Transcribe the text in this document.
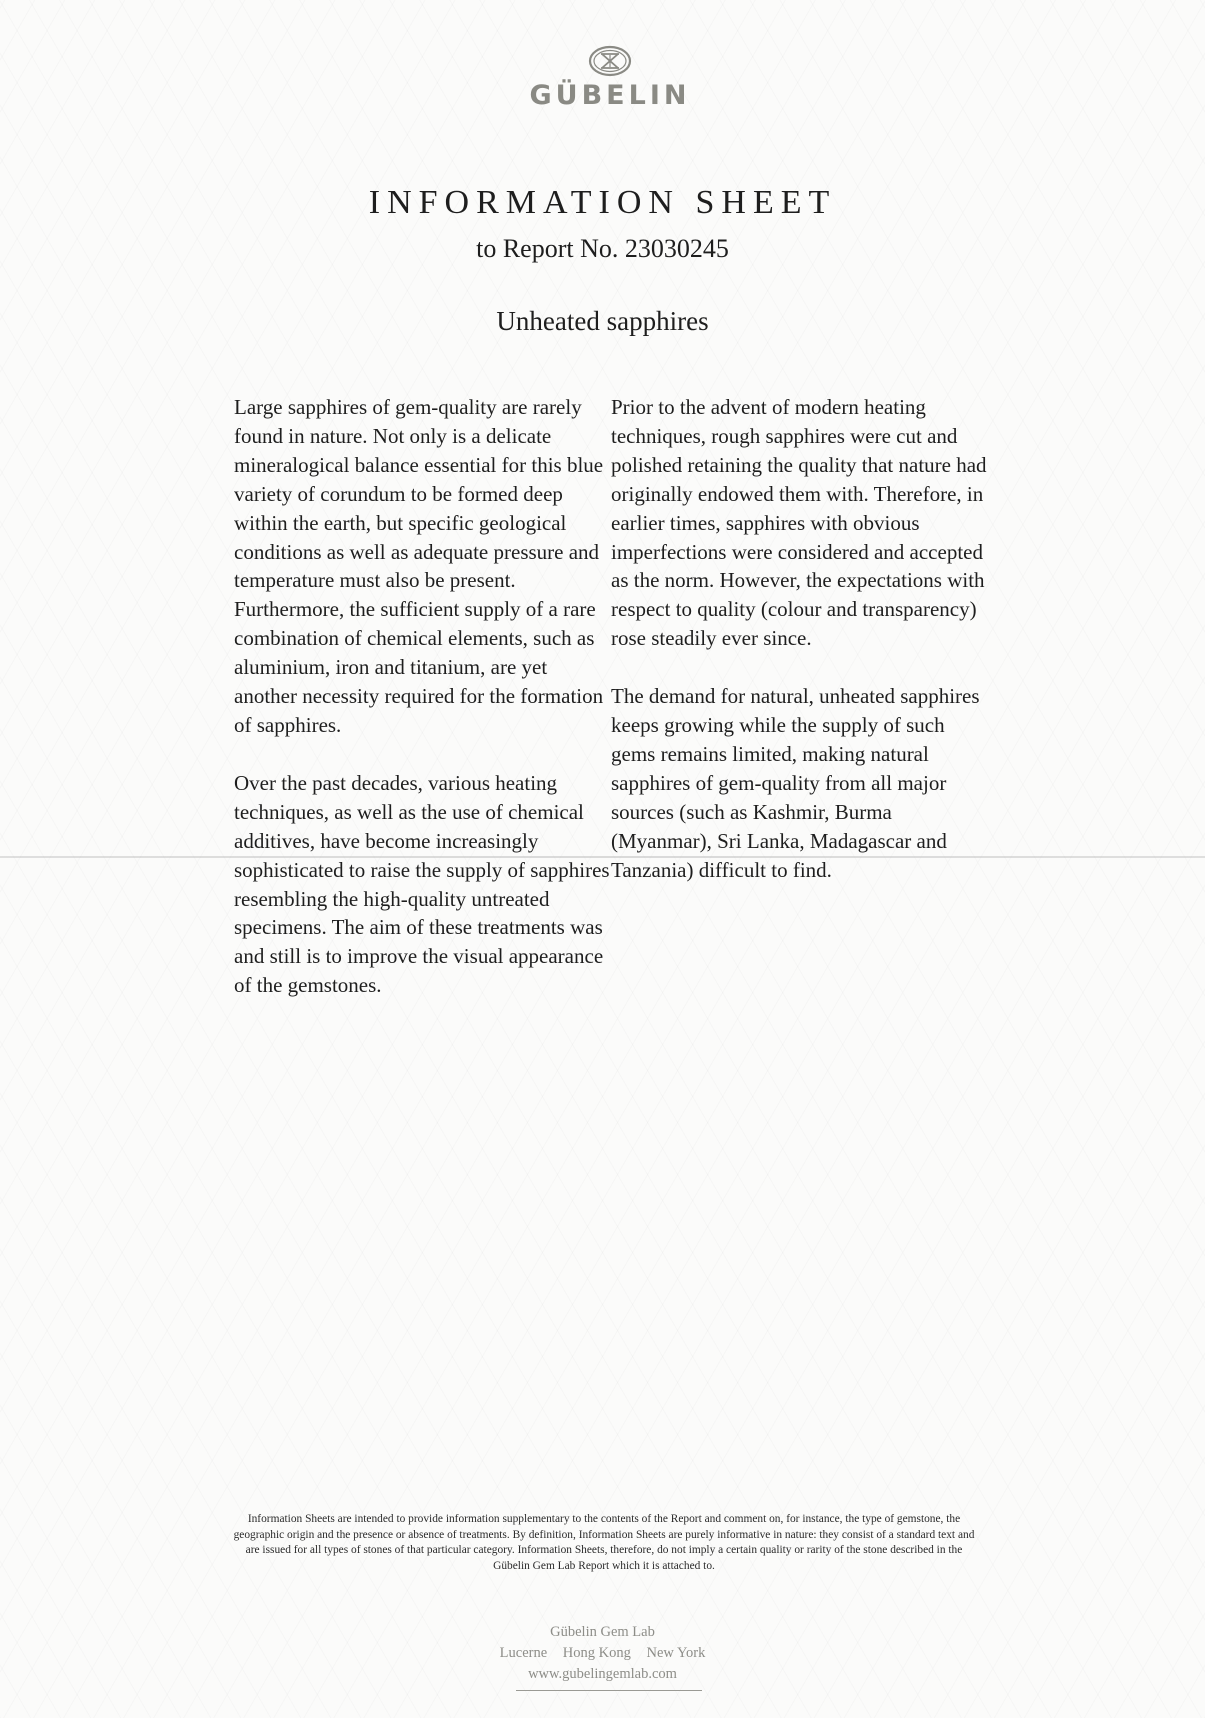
GÜBELIN
INFORMATION SHEET
to Report No. 23030245
Unheated sapphires

Large sapphires of gem-quality are rarely found in nature. Not only is a delicate mineralogical balance essential for this blue variety of corundum to be formed deep within the earth, but specific geological conditions as well as adequate pressure and temperature must also be present. Furthermore, the sufficient supply of a rare combination of chemical elements, such as aluminium, iron and titanium, are yet another necessity required for the formation of sapphires.

Over the past decades, various heating techniques, as well as the use of chemical additives, have become increasingly sophisticated to raise the supply of sapphires resembling the high-quality untreated specimens. The aim of these treatments was and still is to improve the visual appearance of the gemstones.

Prior to the advent of modern heating techniques, rough sapphires were cut and polished retaining the quality that nature had originally endowed them with. Therefore, in earlier times, sapphires with obvious imperfections were considered and accepted as the norm. However, the expectations with respect to quality (colour and transparency) rose steadily ever since.

The demand for natural, unheated sapphires keeps growing while the supply of such gems remains limited, making natural sapphires of gem-quality from all major sources (such as Kashmir, Burma (Myanmar), Sri Lanka, Madagascar and Tanzania) difficult to find.

Information Sheets are intended to provide information supplementary to the contents of the Report and comment on, for instance, the type of gemstone, the geographic origin and the presence or absence of treatments. By definition, Information Sheets are purely informative in nature: they consist of a standard text and are issued for all types of stones of that particular category. Information Sheets, therefore, do not imply a certain quality or rarity of the stone described in the Gübelin Gem Lab Report which it is attached to.
Gübelin Gem Lab
Lucerne Hong Kong New York
www.gubelingemlab.com
